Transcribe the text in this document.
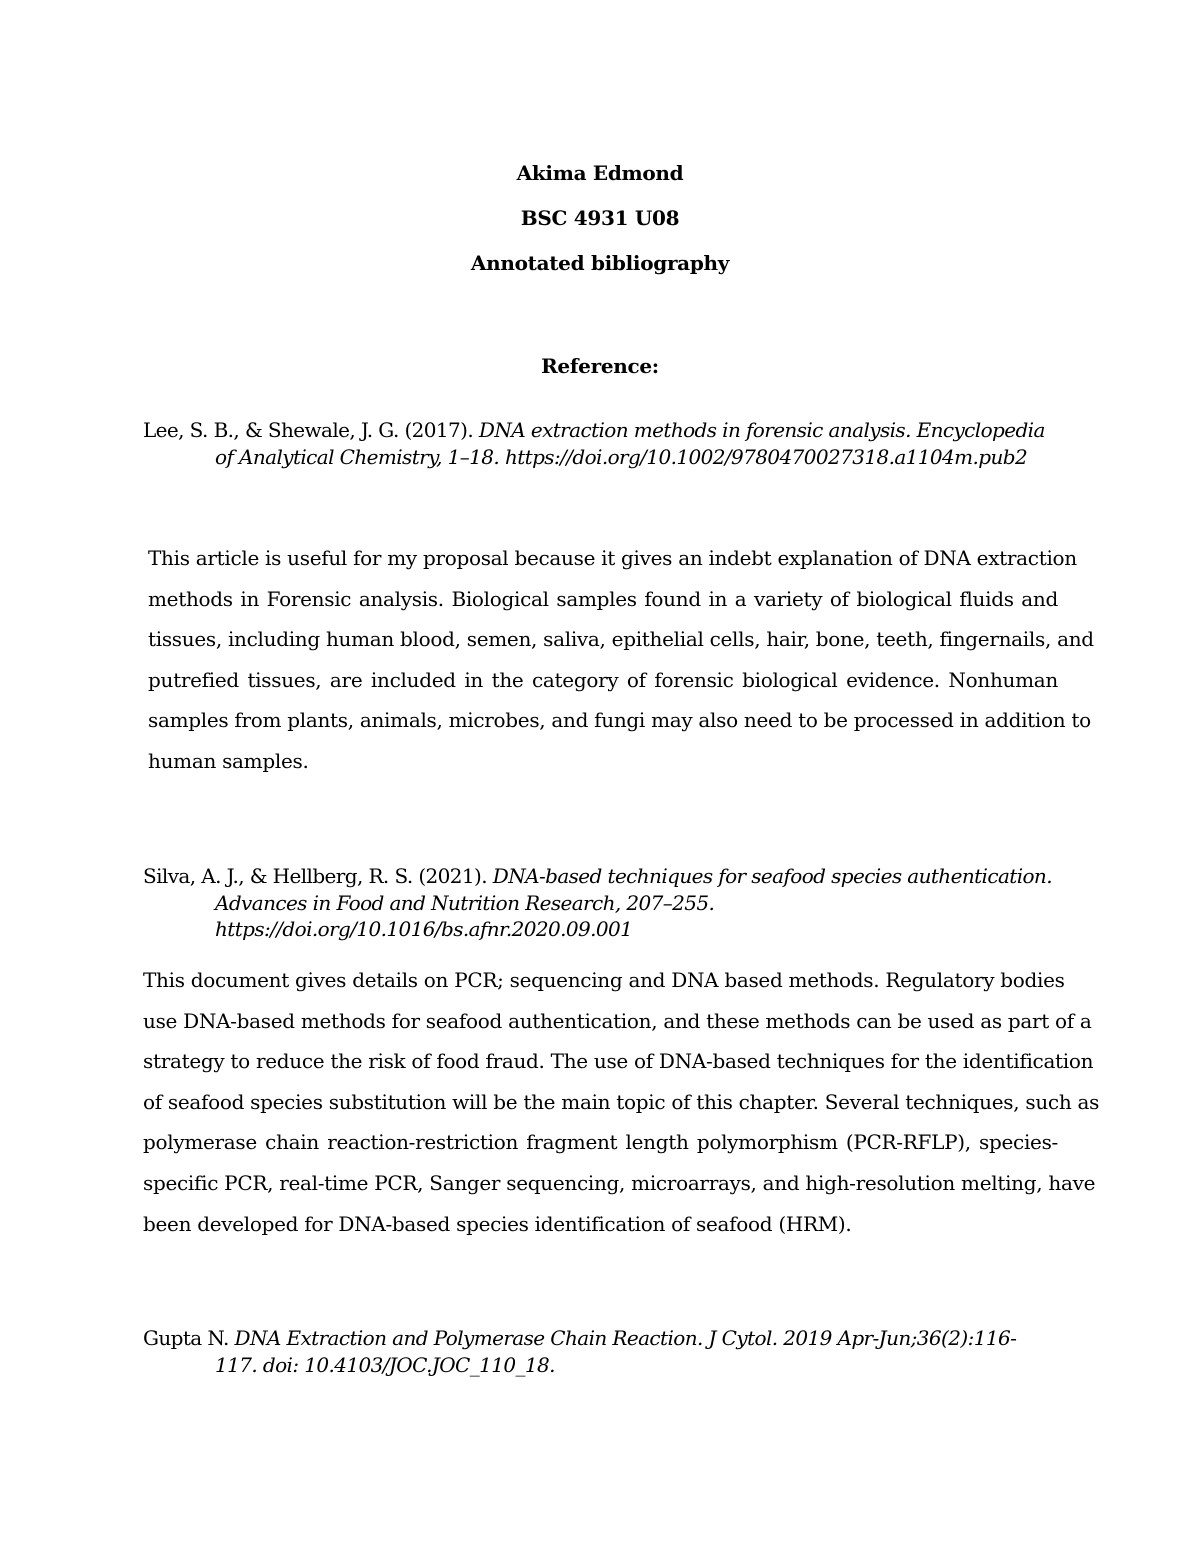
Akima Edmond
BSC 4931 U08
Annotated bibliography
Reference:
Lee, S. B., & Shewale, J. G. (2017). DNA extraction methods in forensic analysis. Encyclopedia
of Analytical Chemistry, 1–18. https://doi.org/10.1002/9780470027318.a1104m.pub2
This article is useful for my proposal because it gives an indebt explanation of DNA extraction
methods in Forensic analysis. Biological samples found in a variety of biological fluids and
tissues, including human blood, semen, saliva, epithelial cells, hair, bone, teeth, fingernails, and
putrefied tissues, are included in the category of forensic biological evidence. Nonhuman
samples from plants, animals, microbes, and fungi may also need to be processed in addition to
human samples.
Silva, A. J., & Hellberg, R. S. (2021). DNA-based techniques for seafood species authentication.
Advances in Food and Nutrition Research, 207–255.
https://doi.org/10.1016/bs.afnr.2020.09.001
This document gives details on PCR; sequencing and DNA based methods. Regulatory bodies
use DNA-based methods for seafood authentication, and these methods can be used as part of a
strategy to reduce the risk of food fraud. The use of DNA-based techniques for the identification
of seafood species substitution will be the main topic of this chapter. Several techniques, such as
polymerase chain reaction-restriction fragment length polymorphism (PCR-RFLP), species-
specific PCR, real-time PCR, Sanger sequencing, microarrays, and high-resolution melting, have
been developed for DNA-based species identification of seafood (HRM).
Gupta N. DNA Extraction and Polymerase Chain Reaction. J Cytol. 2019 Apr-Jun;36(2):116-
117. doi: 10.4103/JOC.JOC_110_18.
